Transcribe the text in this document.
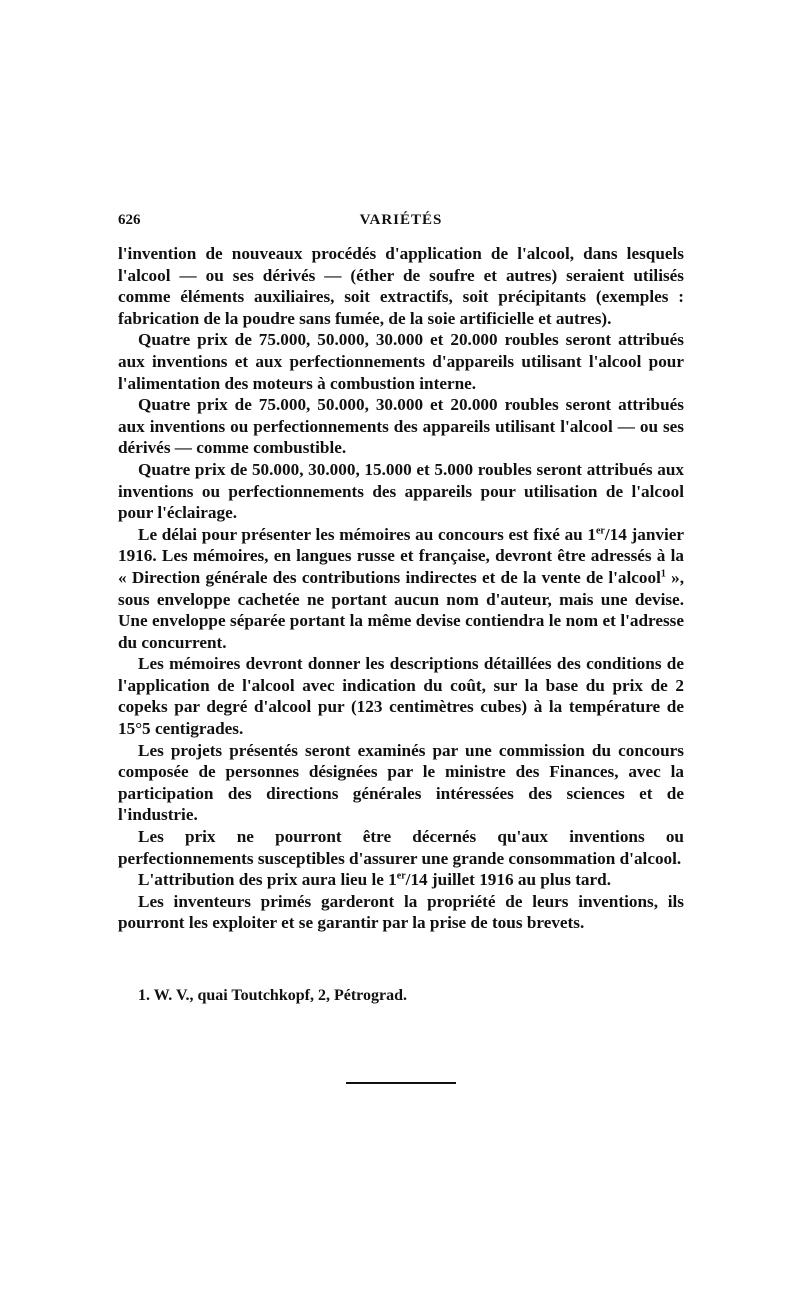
626	VARIÉTÉS

l'invention de nouveaux procédés d'application de l'alcool, dans lesquels l'alcool — ou ses dérivés — (éther de soufre et autres) seraient utilisés comme éléments auxiliaires, soit extractifs, soit précipitants (exemples : fabrication de la poudre sans fumée, de la soie artificielle et autres).

Quatre prix de 75.000, 50.000, 30.000 et 20.000 roubles seront attribués aux inventions et aux perfectionnements d'appareils utilisant l'alcool pour l'alimentation des moteurs à combustion interne.

Quatre prix de 75.000, 50.000, 30.000 et 20.000 roubles seront attribués aux inventions ou perfectionnements des appareils utilisant l'alcool — ou ses dérivés — comme combustible.

Quatre prix de 50.000, 30.000, 15.000 et 5.000 roubles seront attribués aux inventions ou perfectionnements des appareils pour utilisation de l'alcool pour l'éclairage.

Le délai pour présenter les mémoires au concours est fixé au 1er/14 janvier 1916. Les mémoires, en langues russe et française, devront être adressés à la « Direction générale des contributions indirectes et de la vente de l'alcool$^1$ », sous enveloppe cachetée ne portant aucun nom d'auteur, mais une devise. Une enveloppe séparée portant la même devise contiendra le nom et l'adresse du concurrent.

Les mémoires devront donner les descriptions détaillées des conditions de l'application de l'alcool avec indication du coût, sur la base du prix de 2 copeks par degré d'alcool pur (123 centimètres cubes) à la température de 15°5 centigrades.

Les projets présentés seront examinés par une commission du concours composée de personnes désignées par le ministre des Finances, avec la participation des directions générales intéressées des sciences et de l'industrie.

Les prix ne pourront être décernés qu'aux inventions ou perfectionnements susceptibles d'assurer une grande consommation d'alcool.

L'attribution des prix aura lieu le 1er/14 juillet 1916 au plus tard.

Les inventeurs primés garderont la propriété de leurs inventions, ils pourront les exploiter et se garantir par la prise de tous brevets.

1. W. V., quai Toutchkopf, 2, Pétrograd.
